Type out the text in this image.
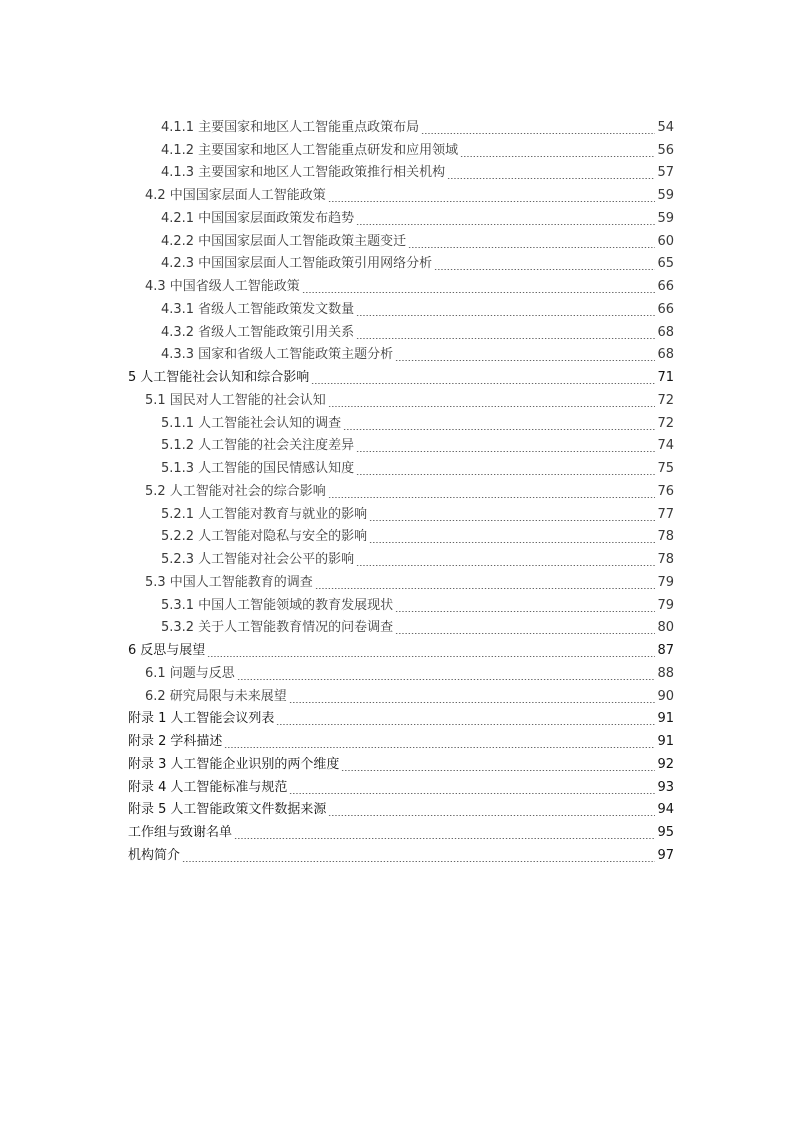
4.1.1 主要国家和地区人工智能重点政策布局	54
4.1.2 主要国家和地区人工智能重点研发和应用领域	56
4.1.3 主要国家和地区人工智能政策推行相关机构	57
4.2 中国国家层面人工智能政策	59
4.2.1 中国国家层面政策发布趋势	59
4.2.2 中国国家层面人工智能政策主题变迁	60
4.2.3 中国国家层面人工智能政策引用网络分析	65
4.3 中国省级人工智能政策	66
4.3.1 省级人工智能政策发文数量	66
4.3.2 省级人工智能政策引用关系	68
4.3.3 国家和省级人工智能政策主题分析	68
5 人工智能社会认知和综合影响	71
5.1 国民对人工智能的社会认知	72
5.1.1 人工智能社会认知的调查	72
5.1.2 人工智能的社会关注度差异	74
5.1.3 人工智能的国民情感认知度	75
5.2 人工智能对社会的综合影响	76
5.2.1 人工智能对教育与就业的影响	77
5.2.2 人工智能对隐私与安全的影响	78
5.2.3 人工智能对社会公平的影响	78
5.3 中国人工智能教育的调查	79
5.3.1 中国人工智能领域的教育发展现状	79
5.3.2 关于人工智能教育情况的问卷调查	80
6 反思与展望	87
6.1 问题与反思	88
6.2 研究局限与未来展望	90
附录 1 人工智能会议列表	91
附录 2 学科描述	91
附录 3 人工智能企业识别的两个维度	92
附录 4 人工智能标准与规范	93
附录 5 人工智能政策文件数据来源	94
工作组与致谢名单	95
机构简介	97
